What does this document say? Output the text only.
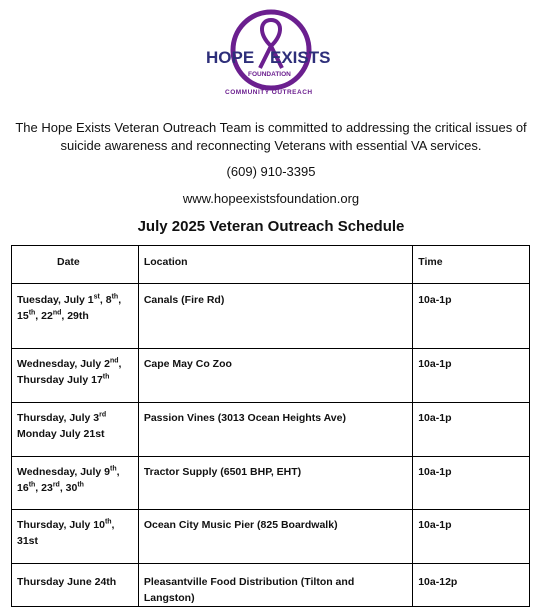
HOPE EXISTS
FOUNDATION
COMMUNITY OUTREACH
The Hope Exists Veteran Outreach Team is committed to addressing the critical issues of suicide awareness and reconnecting Veterans with essential VA services.
(609) 910-3395
www.hopeexistsfoundation.org
July 2025 Veteran Outreach Schedule
Date	Location	Time
Tuesday, July 1st, 8th,
15th, 22nd, 29th	Canals (Fire Rd)	10a-1p
Wednesday, July 2nd,
Thursday July 17th	Cape May Co Zoo	10a-1p
Thursday, July 3rd
Monday July 21st	Passion Vines (3013 Ocean Heights Ave)	10a-1p
Wednesday, July 9th,
16th, 23rd, 30th	Tractor Supply (6501 BHP, EHT)	10a-1p
Thursday, July 10th,
31st	Ocean City Music Pier (825 Boardwalk)	10a-1p
Thursday June 24th	Pleasantville Food Distribution (Tilton and Langston)	10a-12p
